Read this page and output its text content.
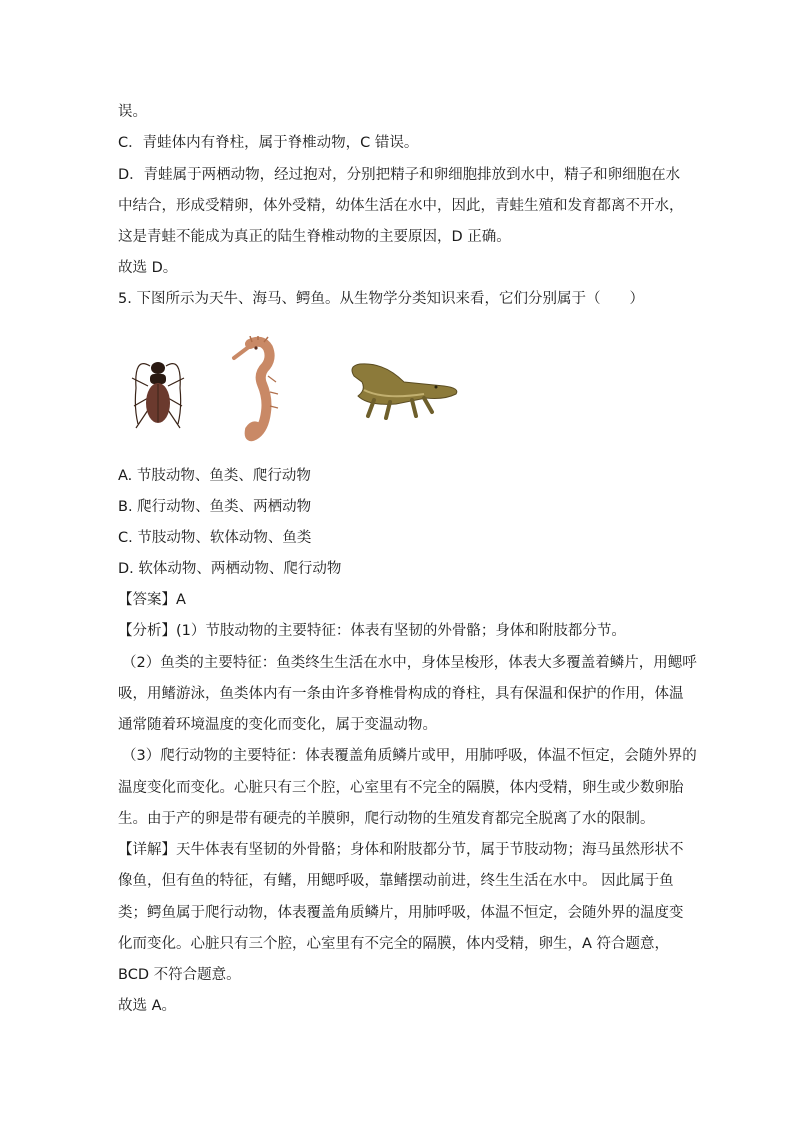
误。
C．青蛙体内有脊柱，属于脊椎动物，C 错误。
D．青蛙属于两栖动物，经过抱对，分别把精子和卵细胞排放到水中，精子和卵细胞在水
中结合，形成受精卵，体外受精，幼体生活在水中，因此，青蛙生殖和发育都离不开水，
这是青蛙不能成为真正的陆生脊椎动物的主要原因，D 正确。
故选 D。
5. 下图所示为天牛、海马、鳄鱼。从生物学分类知识来看，它们分别属于（　　）
A. 节肢动物、鱼类、爬行动物
B. 爬行动物、鱼类、两栖动物
C. 节肢动物、软体动物、鱼类
D. 软体动物、两栖动物、爬行动物
【答案】A
【分析】(1）节肢动物的主要特征：体表有坚韧的外骨骼；身体和附肢都分节。
（2）鱼类的主要特征：鱼类终生生活在水中，身体呈梭形，体表大多覆盖着鳞片，用鳃呼
吸，用鳍游泳，鱼类体内有一条由许多脊椎骨构成的脊柱，具有保温和保护的作用，体温
通常随着环境温度的变化而变化，属于变温动物。
（3）爬行动物的主要特征：体表覆盖角质鳞片或甲，用肺呼吸，体温不恒定，会随外界的
温度变化而变化。心脏只有三个腔，心室里有不完全的隔膜，体内受精，卵生或少数卵胎
生。由于产的卵是带有硬壳的羊膜卵，爬行动物的生殖发育都完全脱离了水的限制。
【详解】天牛体表有坚韧的外骨骼；身体和附肢都分节，属于节肢动物；海马虽然形状不
像鱼，但有鱼的特征，有鳍，用鳃呼吸，靠鳍摆动前进，终生生活在水中。 因此属于鱼
类；鳄鱼属于爬行动物，体表覆盖角质鳞片，用肺呼吸，体温不恒定，会随外界的温度变
化而变化。心脏只有三个腔，心室里有不完全的隔膜，体内受精，卵生，A 符合题意，
BCD 不符合题意。
故选 A。
